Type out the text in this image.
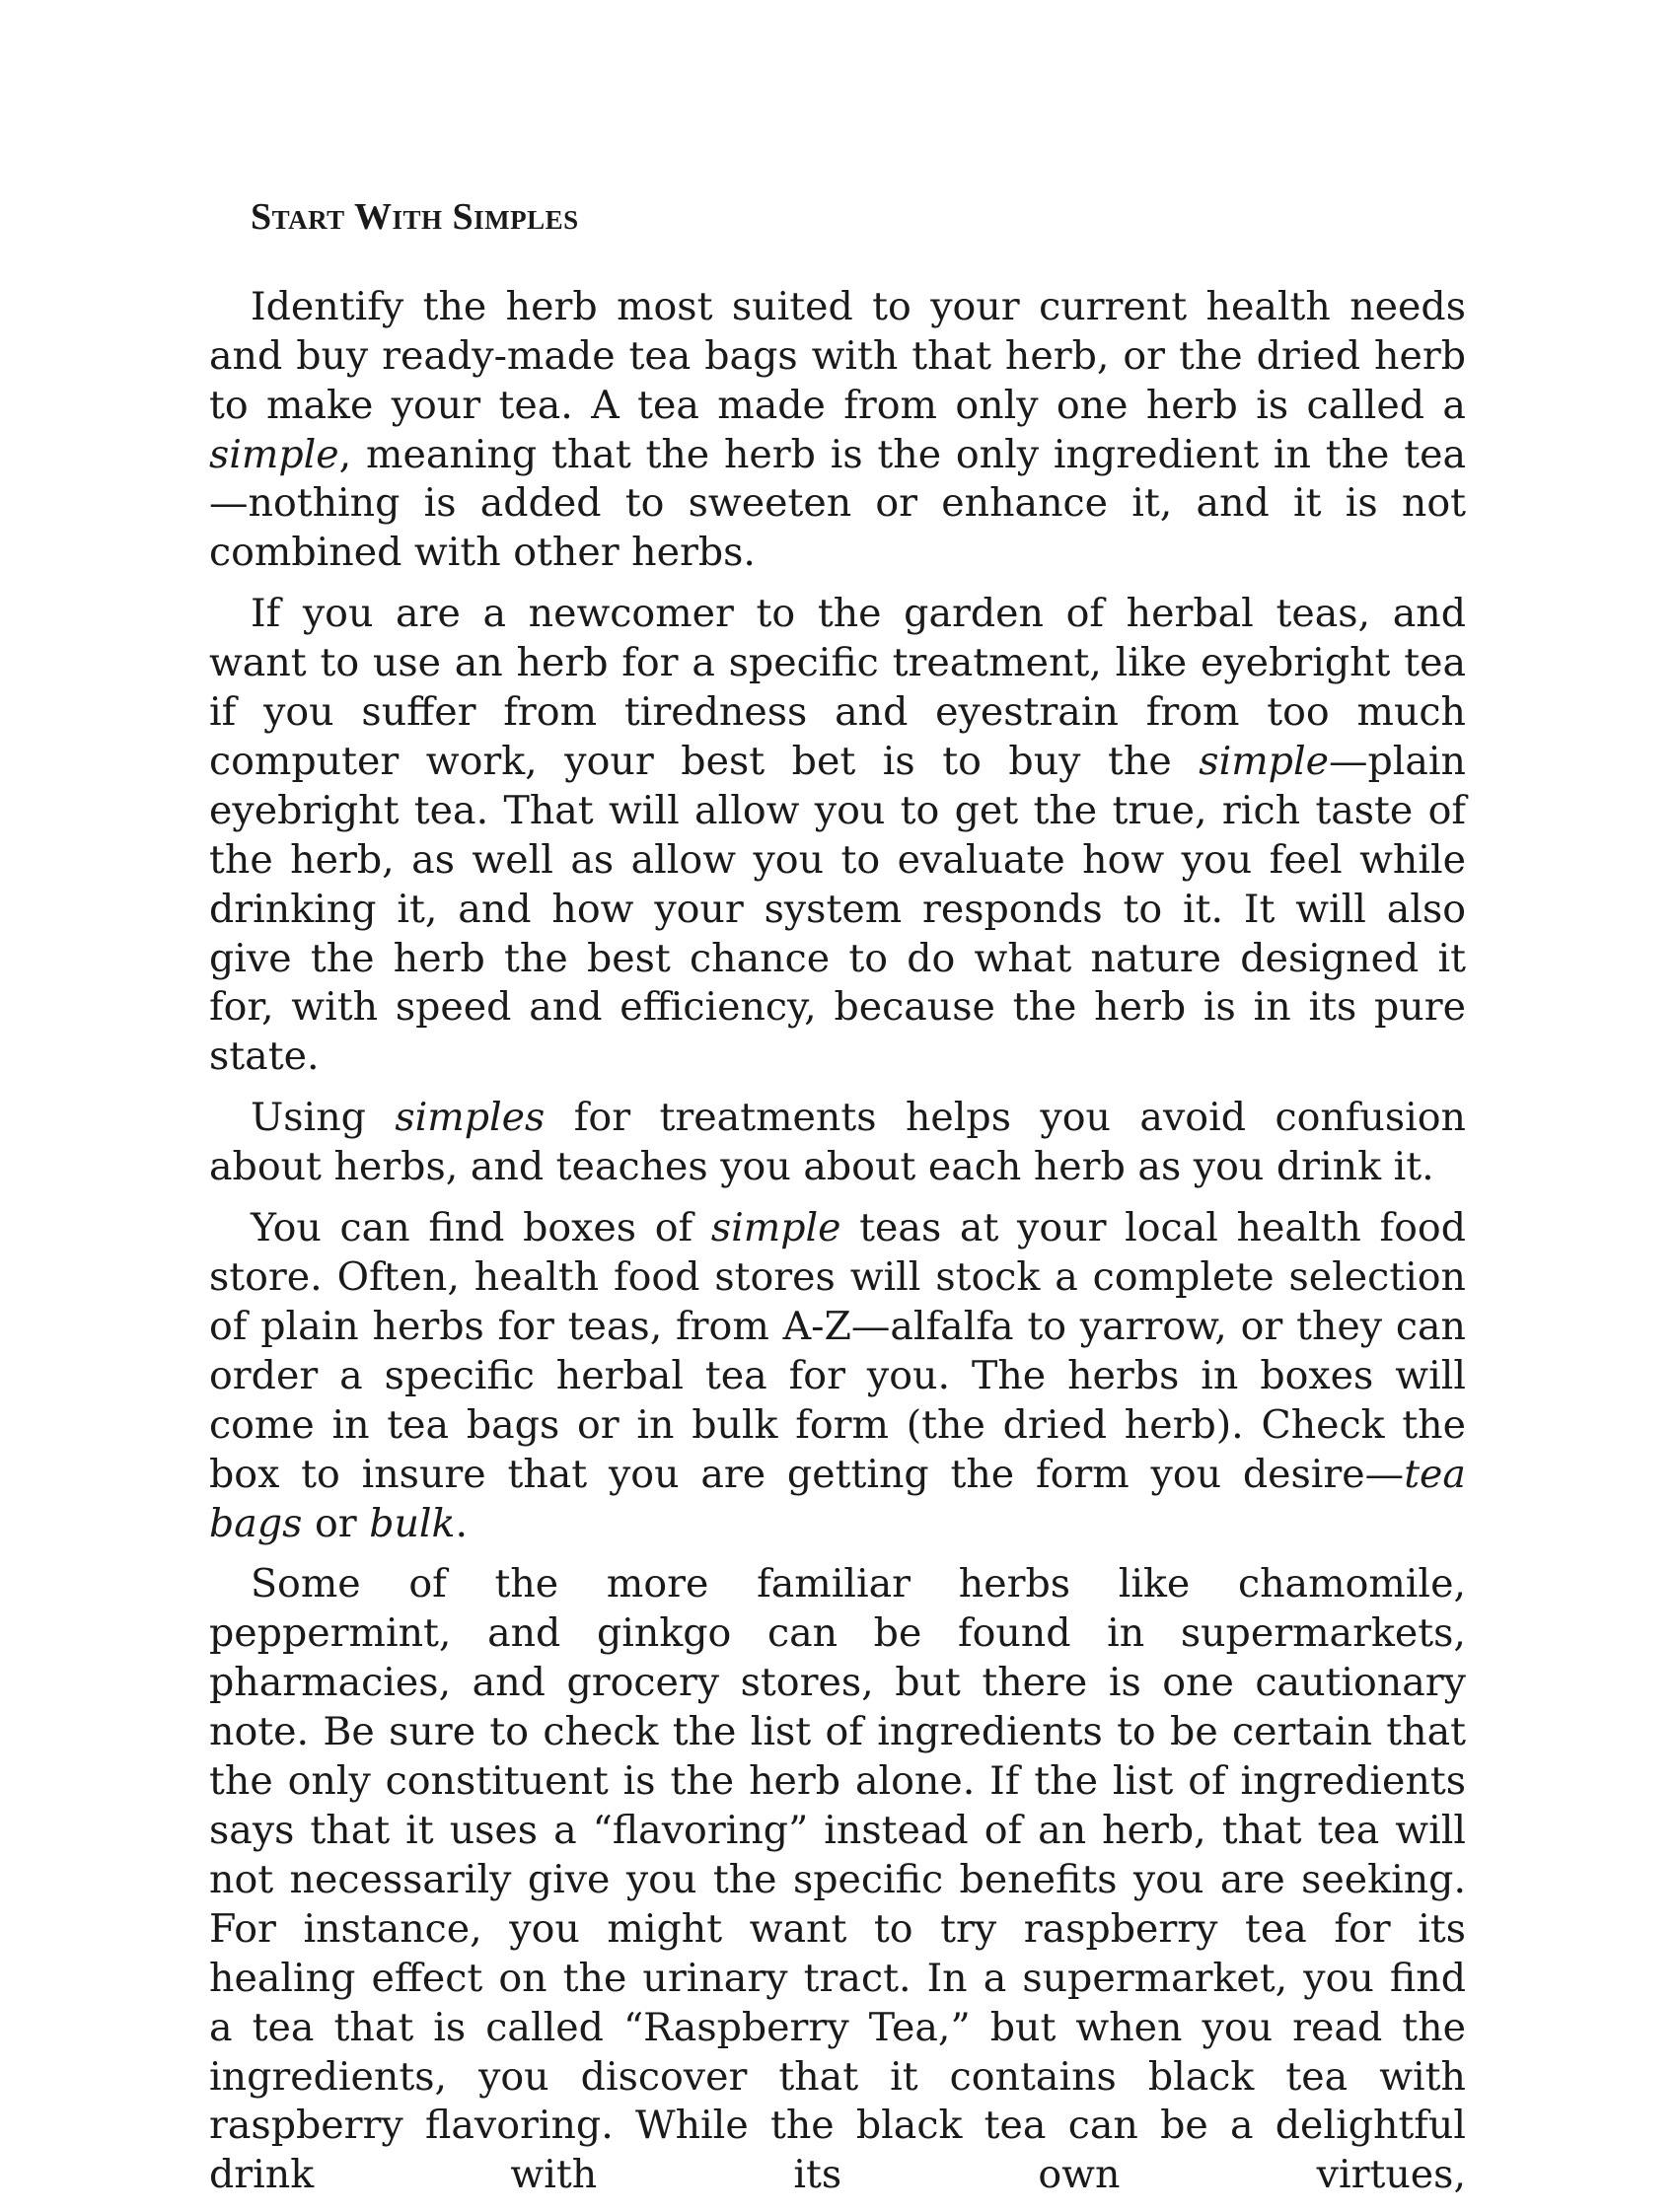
Start With Simples

Identify the herb most suited to your current health needs and buy ready-made tea bags with that herb, or the dried herb to make your tea. A tea made from only one herb is called a simple, meaning that the herb is the only ingredient in the tea—nothing is added to sweeten or enhance it, and it is not combined with other herbs.

If you are a newcomer to the garden of herbal teas, and want to use an herb for a specific treatment, like eyebright tea if you suffer from tiredness and eyestrain from too much computer work, your best bet is to buy the simple—plain eyebright tea. That will allow you to get the true, rich taste of the herb, as well as allow you to evaluate how you feel while drinking it, and how your system responds to it. It will also give the herb the best chance to do what nature designed it for, with speed and efficiency, because the herb is in its pure state.

Using simples for treatments helps you avoid confusion about herbs, and teaches you about each herb as you drink it.

You can find boxes of simple teas at your local health food store. Often, health food stores will stock a complete selection of plain herbs for teas, from A-Z—alfalfa to yarrow, or they can order a specific herbal tea for you. The herbs in boxes will come in tea bags or in bulk form (the dried herb). Check the box to insure that you are getting the form you desire—tea bags or bulk.

Some of the more familiar herbs like chamomile, peppermint, and ginkgo can be found in supermarkets, pharmacies, and grocery stores, but there is one cautionary note. Be sure to check the list of ingredients to be certain that the only constituent is the herb alone. If the list of ingredients says that it uses a “flavoring” instead of an herb, that tea will not necessarily give you the specific benefits you are seeking. For instance, you might want to try raspberry tea for its healing effect on the urinary tract. In a supermarket, you find a tea that is called “Raspberry Tea,” but when you read the ingredients, you discover that it contains black tea with raspberry flavoring. While the black tea can be a delightful drink with its own virtues,
